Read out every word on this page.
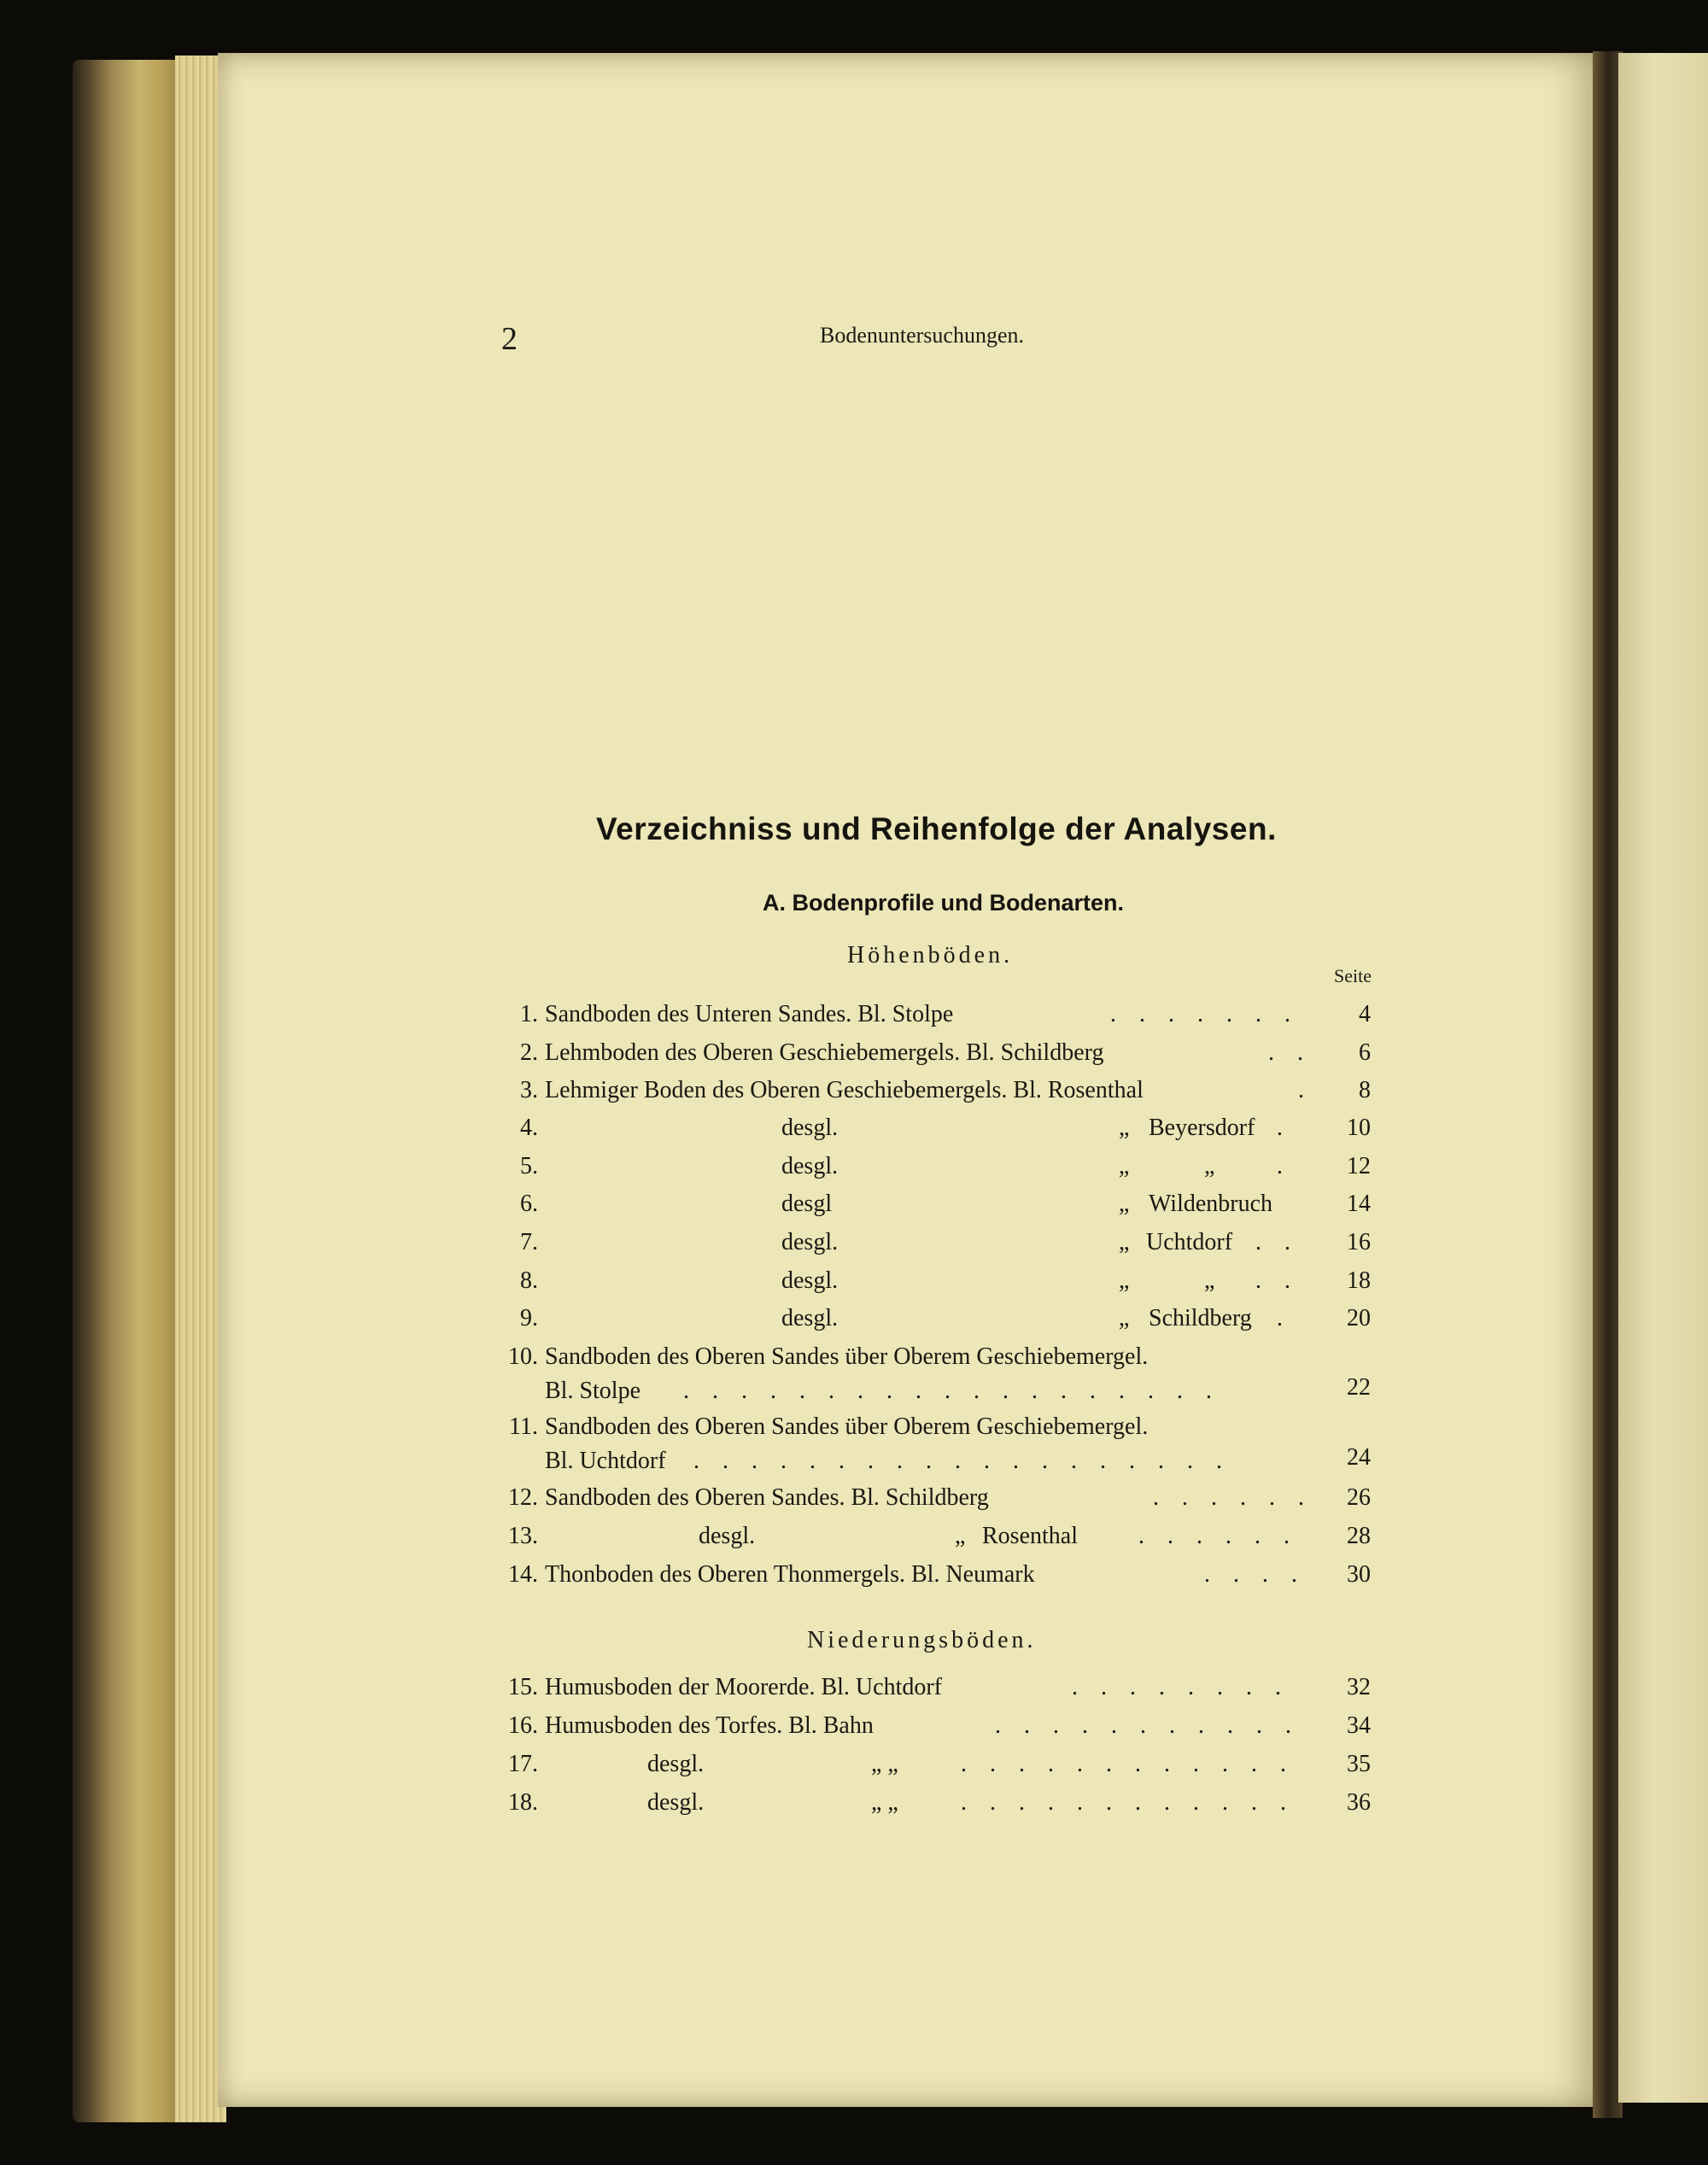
2	Bodenuntersuchungen.
Verzeichniss und Reihenfolge der Analysen.
A. Bodenprofile und Bodenarten.
Höhenböden.
Seite
1. Sandboden des Unteren Sandes. Bl. Stolpe	. . . . . . .	4
2. Lehmboden des Oberen Geschiebemergels. Bl. Schildberg	. .	6
3. Lehmiger Boden des Oberen Geschiebemergels. Bl. Rosenthal	.	8
4.	desgl.	„ Beyersdorf .	10
5.	desgl.	„	„	.	12
6.	desgl	„ Wildenbruch	14
7.	desgl.	„ Uchtdorf . .	16
8.	desgl.	„	„ . .	18
9.	desgl.	„ Schildberg .	20
10. Sandboden des Oberen Sandes über Oberem Geschiebemergel.
Bl. Stolpe . . . . . . . . . . . . . . . . . . .	22
11. Sandboden des Oberen Sandes über Oberem Geschiebemergel.
Bl. Uchtdorf . . . . . . . . . . . . . . . . . . .	24
12. Sandboden des Oberen Sandes. Bl. Schildberg	. . . . . .	26
13.	desgl.	„ Rosenthal	. . . . . .	28
14. Thonboden des Oberen Thonmergels. Bl. Neumark	. . . .	30
Niederungsböden.
15. Humusboden der Moorerde. Bl. Uchtdorf	. . . . . . . .	32
16. Humusboden des Torfes. Bl. Bahn	. . . . . . . . . . .	34
17.	desgl.	„ „	. . . . . . . . . . . .	35
18.	desgl.	„ „	. . . . . . . . . . . .	36
